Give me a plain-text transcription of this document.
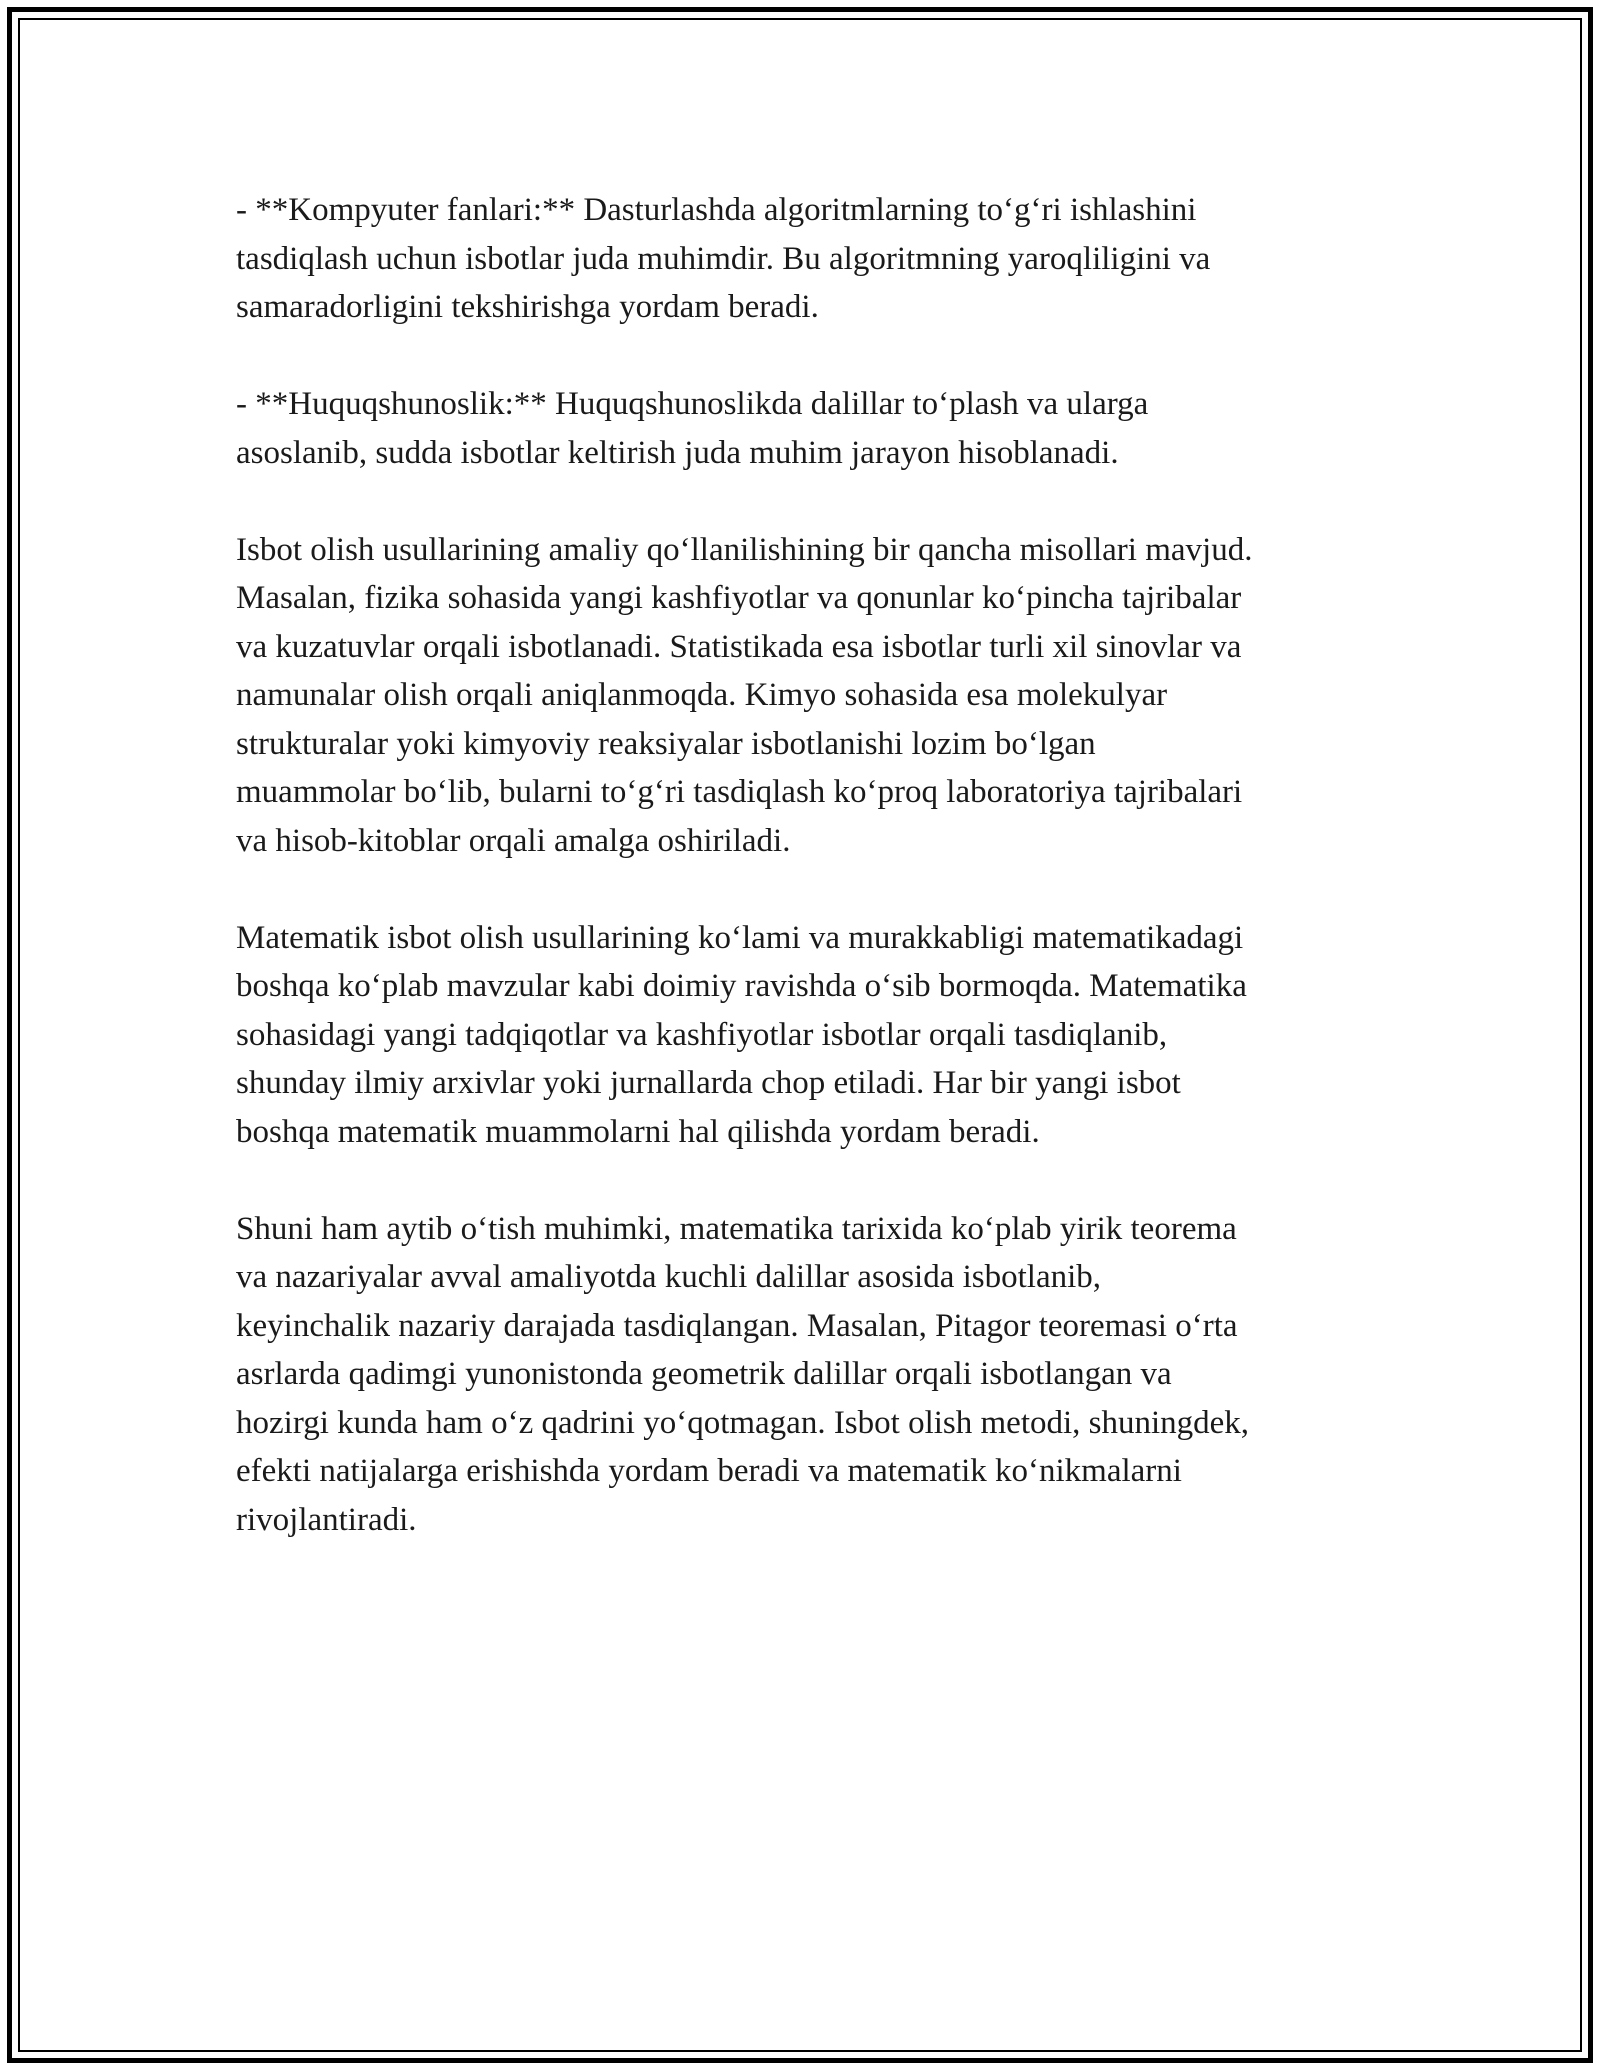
- **Kompyuter fanlari:** Dasturlashda algoritmlarning to‘g‘ri ishlashini
tasdiqlash uchun isbotlar juda muhimdir. Bu algoritmning yaroqliligini va
samaradorligini tekshirishga yordam beradi.

- **Huquqshunoslik:** Huquqshunoslikda dalillar to‘plash va ularga
asoslanib, sudda isbotlar keltirish juda muhim jarayon hisoblanadi.

Isbot olish usullarining amaliy qo‘llanilishining bir qancha misollari mavjud.
Masalan, fizika sohasida yangi kashfiyotlar va qonunlar ko‘pincha tajribalar
va kuzatuvlar orqali isbotlanadi. Statistikada esa isbotlar turli xil sinovlar va
namunalar olish orqali aniqlanmoqda. Kimyo sohasida esa molekulyar
strukturalar yoki kimyoviy reaksiyalar isbotlanishi lozim bo‘lgan
muammolar bo‘lib, bularni to‘g‘ri tasdiqlash ko‘proq laboratoriya tajribalari
va hisob-kitoblar orqali amalga oshiriladi.

Matematik isbot olish usullarining ko‘lami va murakkabligi matematikadagi
boshqa ko‘plab mavzular kabi doimiy ravishda o‘sib bormoqda. Matematika
sohasidagi yangi tadqiqotlar va kashfiyotlar isbotlar orqali tasdiqlanib,
shunday ilmiy arxivlar yoki jurnallarda chop etiladi. Har bir yangi isbot
boshqa matematik muammolarni hal qilishda yordam beradi.

Shuni ham aytib o‘tish muhimki, matematika tarixida ko‘plab yirik teorema
va nazariyalar avval amaliyotda kuchli dalillar asosida isbotlanib,
keyinchalik nazariy darajada tasdiqlangan. Masalan, Pitagor teoremasi o‘rta
asrlarda qadimgi yunonistonda geometrik dalillar orqali isbotlangan va
hozirgi kunda ham o‘z qadrini yo‘qotmagan. Isbot olish metodi, shuningdek,
efekti natijalarga erishishda yordam beradi va matematik ko‘nikmalarni
rivojlantiradi.
